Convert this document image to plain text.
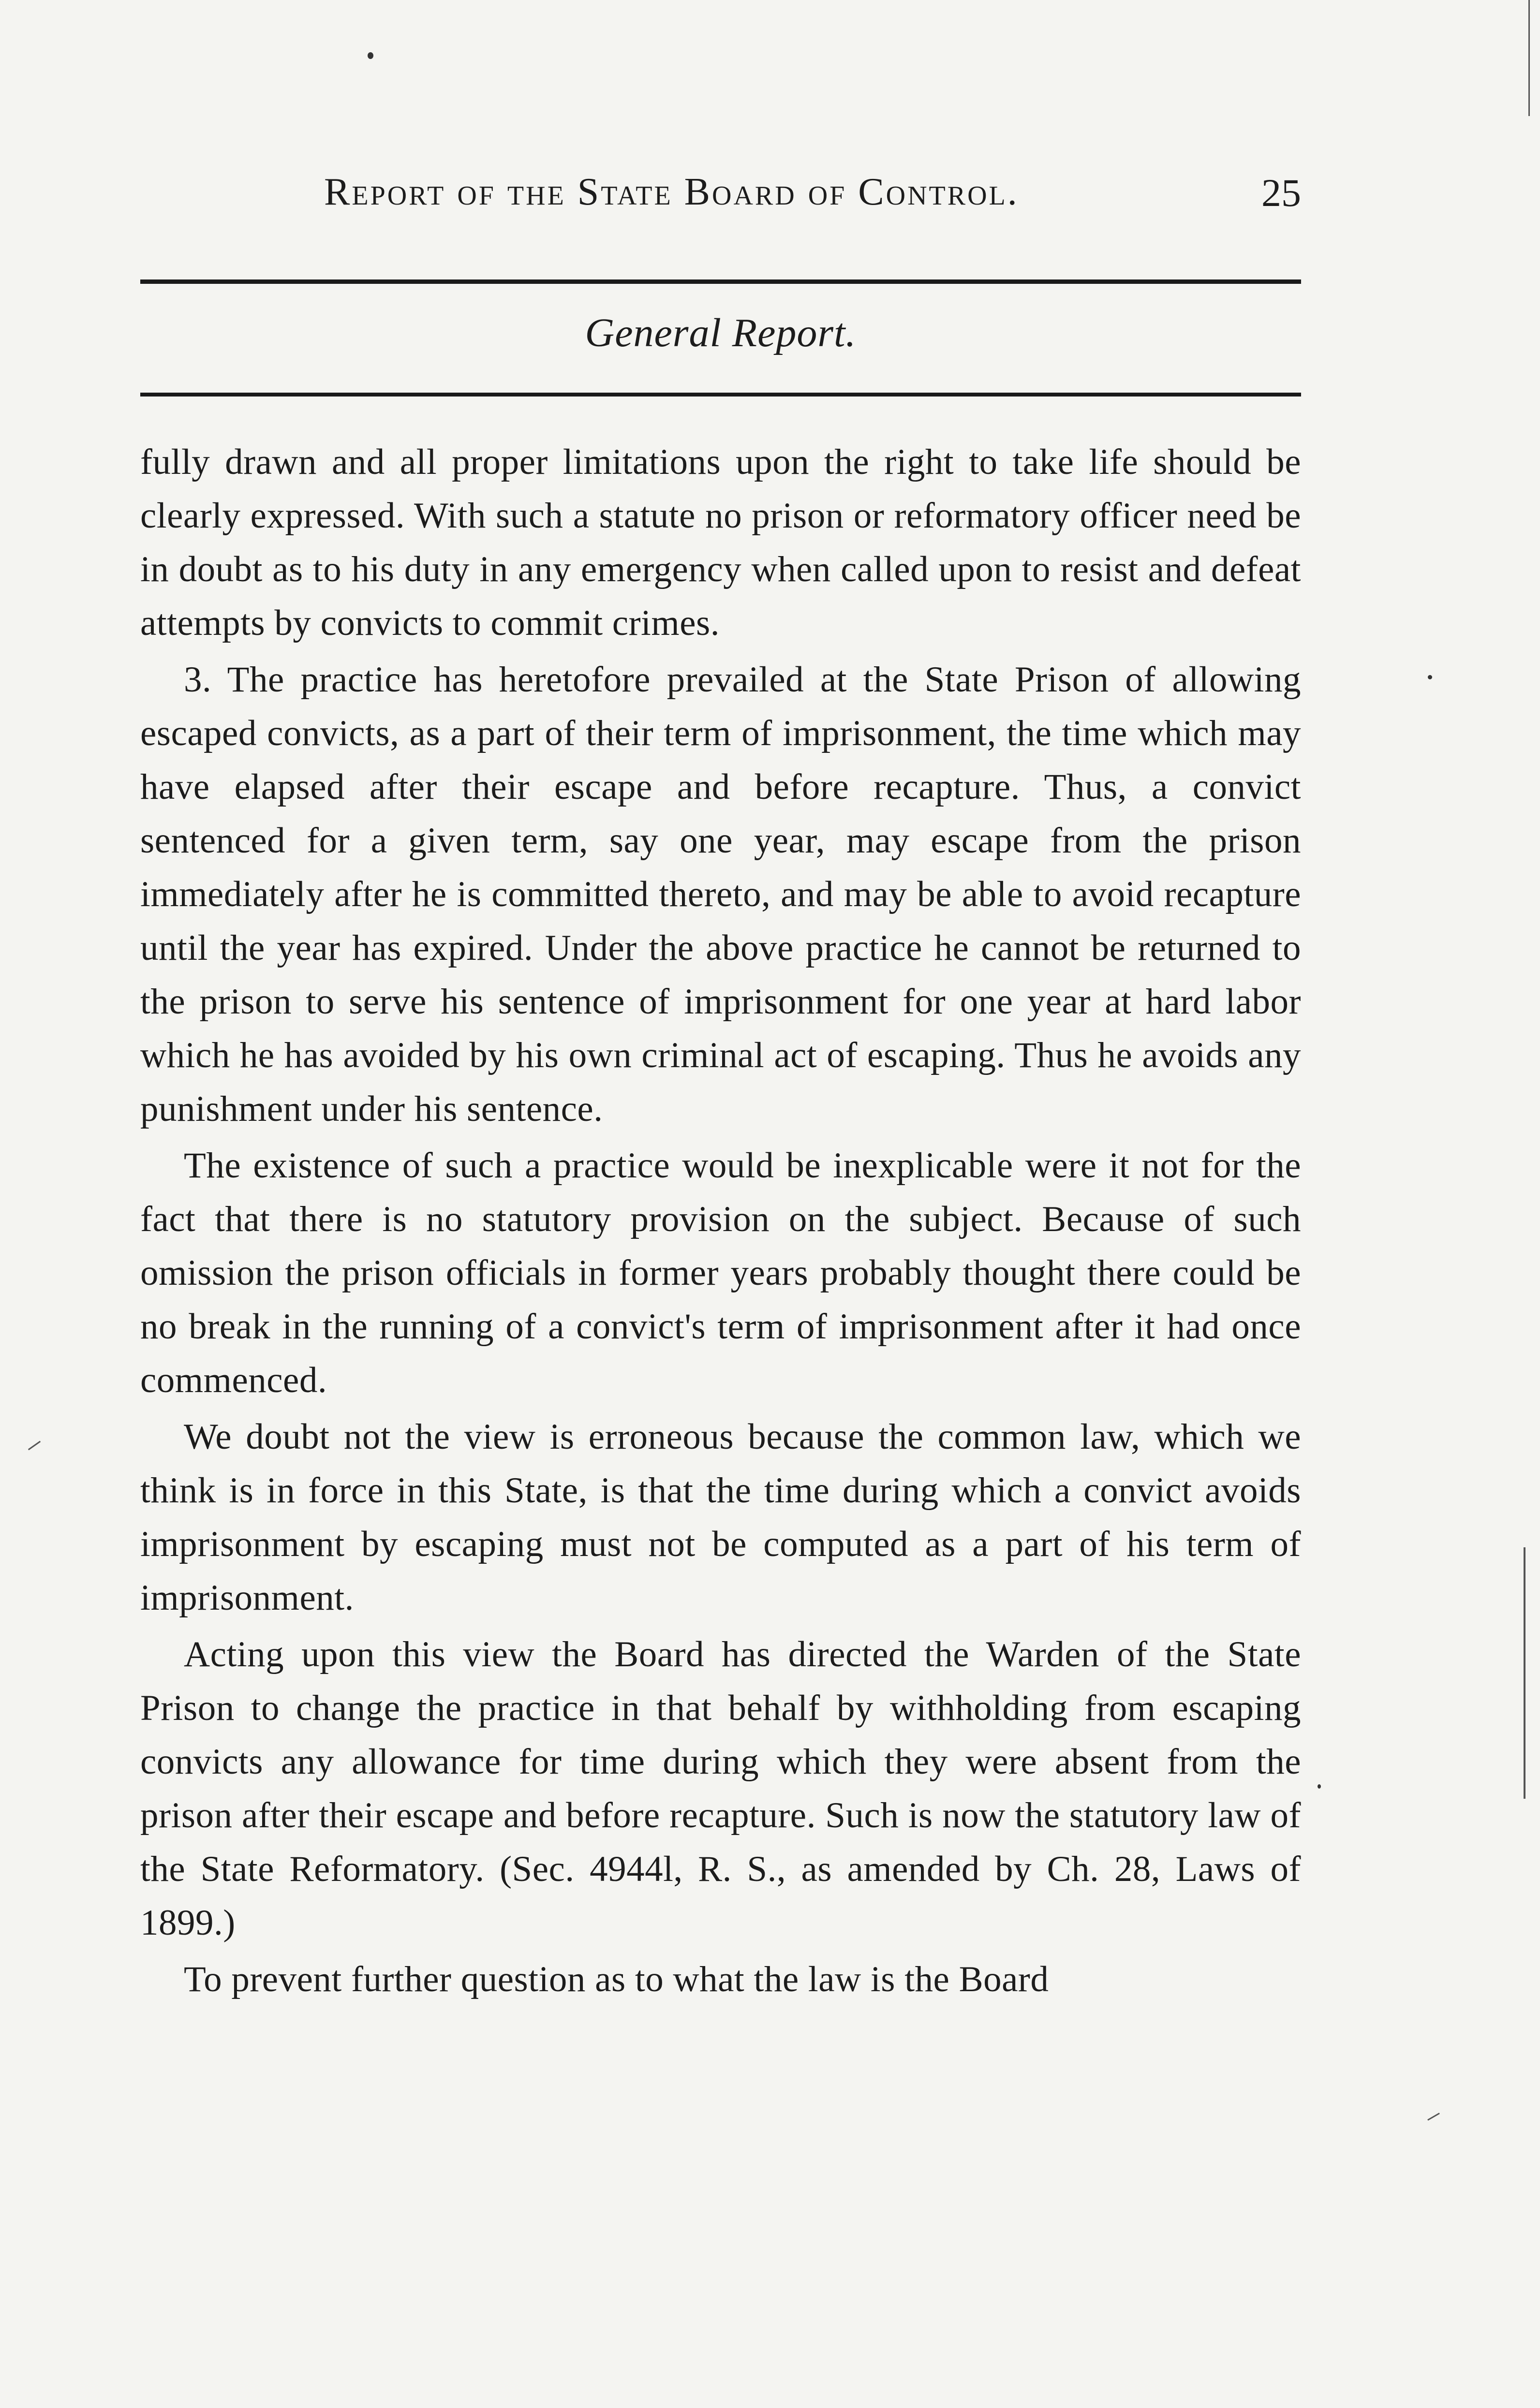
Report of the State Board of Control.	25
General Report.

fully drawn and all proper limitations upon the right to take life should be clearly expressed. With such a statute no prison or reformatory officer need be in doubt as to his duty in any emergency when called upon to resist and defeat attempts by convicts to commit crimes.

3. The practice has heretofore prevailed at the State Prison of allowing escaped convicts, as a part of their term of imprisonment, the time which may have elapsed after their escape and before recapture. Thus, a convict sentenced for a given term, say one year, may escape from the prison immediately after he is committed thereto, and may be able to avoid recapture until the year has expired. Under the above practice he cannot be returned to the prison to serve his sentence of imprisonment for one year at hard labor which he has avoided by his own criminal act of escaping. Thus he avoids any punishment under his sentence.

The existence of such a practice would be inexplicable were it not for the fact that there is no statutory provision on the subject. Because of such omission the prison officials in former years probably thought there could be no break in the running of a convict's term of imprisonment after it had once commenced.

We doubt not the view is erroneous because the common law, which we think is in force in this State, is that the time during which a convict avoids imprisonment by escaping must not be computed as a part of his term of imprisonment.

Acting upon this view the Board has directed the Warden of the State Prison to change the practice in that behalf by withholding from escaping convicts any allowance for time during which they were absent from the prison after their escape and before recapture. Such is now the statutory law of the State Reformatory. (Sec. 4944l, R. S., as amended by Ch. 28, Laws of 1899.)

To prevent further question as to what the law is the Board
